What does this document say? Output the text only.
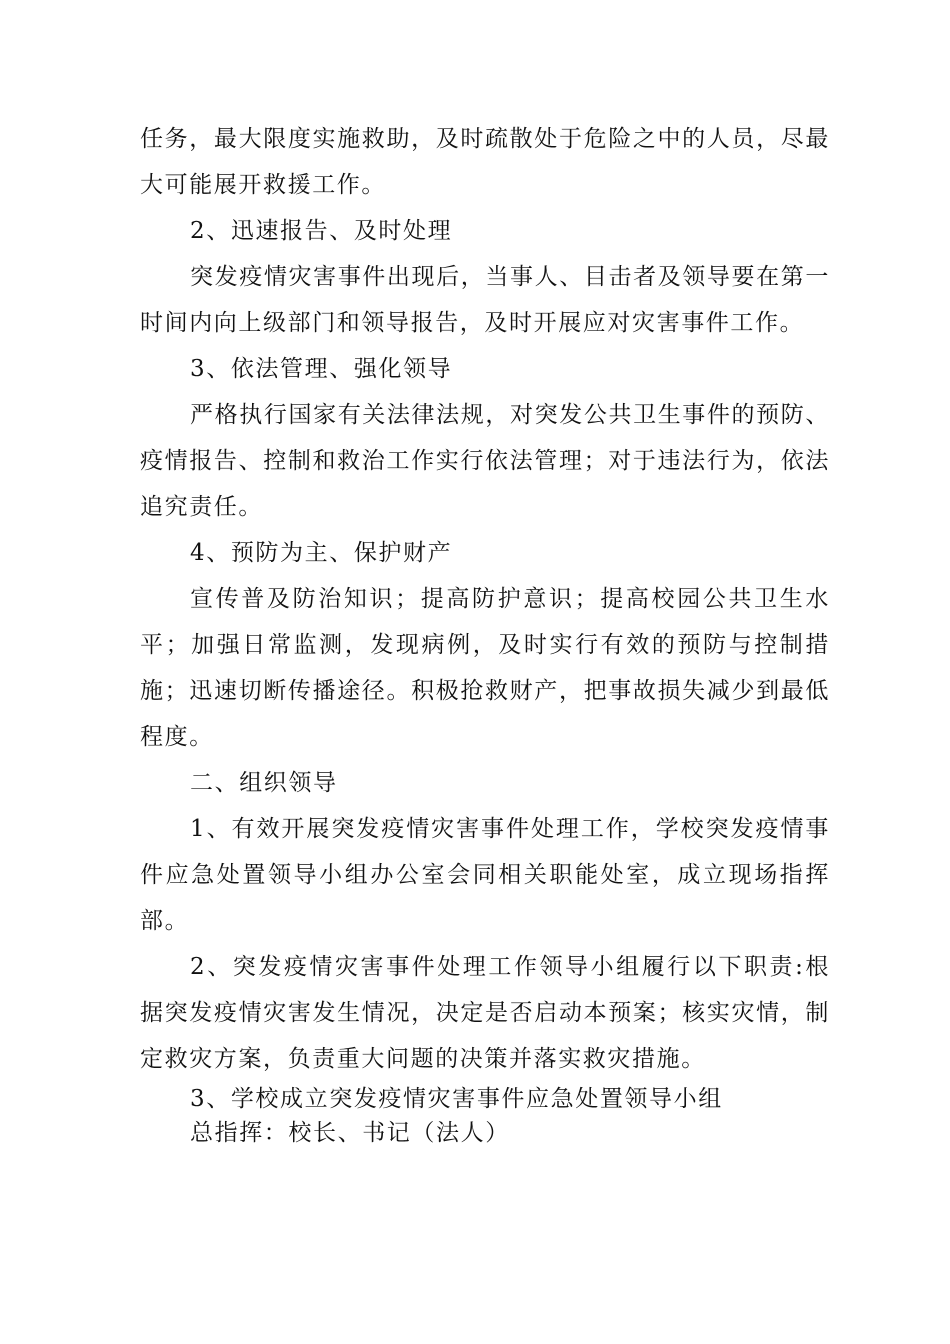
任务，最大限度实施救助，及时疏散处于危险之中的人员，尽最大可能展开救援工作。

2、迅速报告、及时处理

突发疫情灾害事件出现后，当事人、目击者及领导要在第一时间内向上级部门和领导报告，及时开展应对灾害事件工作。

3、依法管理、强化领导

严格执行国家有关法律法规，对突发公共卫生事件的预防、疫情报告、控制和救治工作实行依法管理；对于违法行为，依法追究责任。

4、预防为主、保护财产

宣传普及防治知识；提高防护意识；提高校园公共卫生水平；加强日常监测，发现病例，及时实行有效的预防与控制措施；迅速切断传播途径。积极抢救财产，把事故损失减少到最低程度。

二、组织领导

1、有效开展突发疫情灾害事件处理工作，学校突发疫情事件应急处置领导小组办公室会同相关职能处室，成立现场指挥部。

2、突发疫情灾害事件处理工作领导小组履行以下职责:根据突发疫情灾害发生情况，决定是否启动本预案；核实灾情，制定救灾方案，负责重大问题的决策并落实救灾措施。

3、学校成立突发疫情灾害事件应急处置领导小组

总指挥：校长、书记（法人）
